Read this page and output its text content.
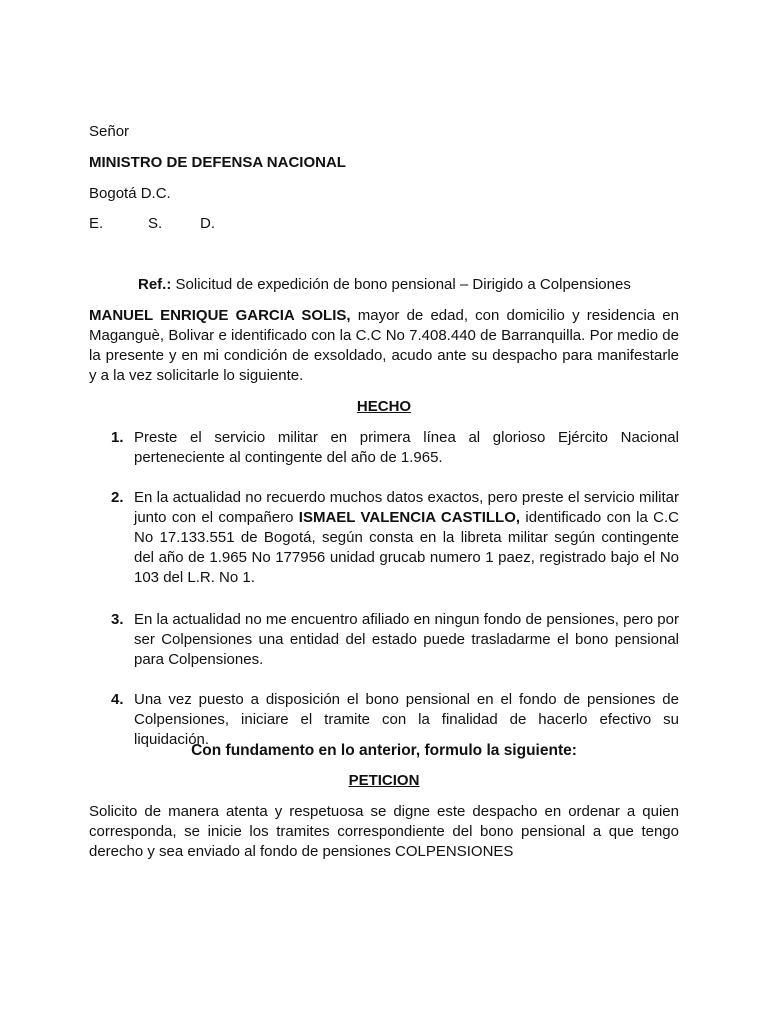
Señor
MINISTRO DE DEFENSA NACIONAL
Bogotá D.C.
E.	S.	D.
Ref.: Solicitud de expedición de bono pensional – Dirigido a Colpensiones
MANUEL ENRIQUE GARCIA SOLIS, mayor de edad, con domicilio y residencia en Maganguè, Bolivar e identificado con la C.C No 7.408.440 de Barranquilla. Por medio de la presente y en mi condición de exsoldado, acudo ante su despacho para manifestarle y a la vez solicitarle lo siguiente.
HECHO
1. Preste el servicio militar en primera línea al glorioso Ejército Nacional perteneciente al contingente del año de 1.965.
2. En la actualidad no recuerdo muchos datos exactos, pero preste el servicio militar junto con el compañero ISMAEL VALENCIA CASTILLO, identificado con la C.C No 17.133.551 de Bogotá, según consta en la libreta militar según contingente del año de 1.965 No 177956 unidad grucab numero 1 paez, registrado bajo el No 103 del L.R. No 1.
3. En la actualidad no me encuentro afiliado en ningun fondo de pensiones, pero por ser Colpensiones una entidad del estado puede trasladarme el bono pensional para Colpensiones.
4. Una vez puesto a disposición el bono pensional en el fondo de pensiones de Colpensiones, iniciare el tramite con la finalidad de hacerlo efectivo su liquidación.
Con fundamento en lo anterior, formulo la siguiente:
PETICION
Solicito de manera atenta y respetuosa se digne este despacho en ordenar a quien corresponda, se inicie los tramites correspondiente del bono pensional a que tengo derecho y sea enviado al fondo de pensiones COLPENSIONES
